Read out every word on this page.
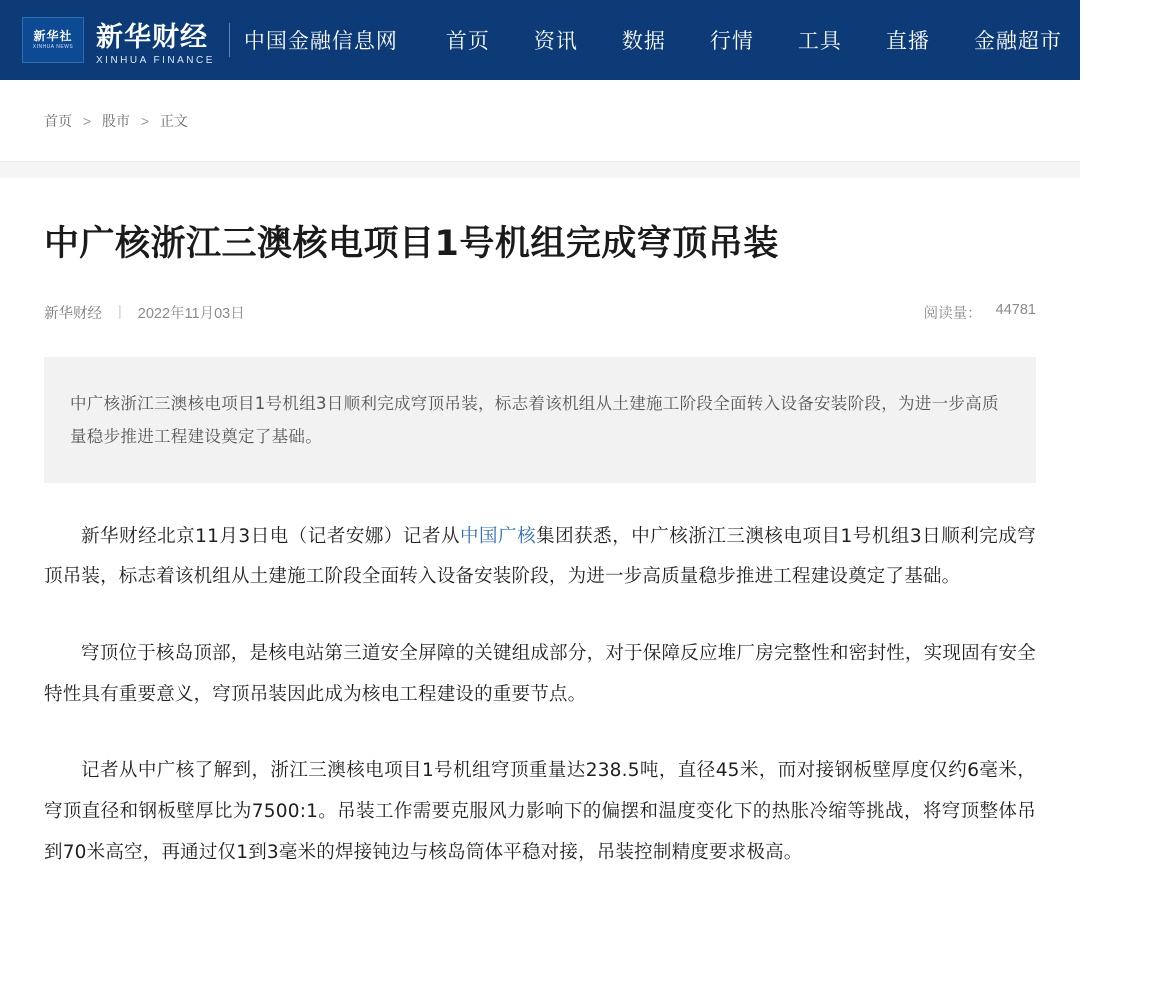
新华社
XINHUA NEWS 新华财经
XINHUA FINANCE
中国金融信息网	首页	资讯	数据	行情	工具	直播	金融超市	投教
首页 > 股市 > 正文
中广核浙江三澳核电项目1号机组完成穹顶吊装
新华财经 | 2022年11月03日	阅读量： 44781
中广核浙江三澳核电项目1号机组3日顺利完成穹顶吊装，标志着该机组从土建施工阶段全面转入设备安装阶段，为进一步高质量稳步推进工程建设奠定了基础。

新华财经北京11月3日电（记者安娜）记者从中国广核集团获悉，中广核浙江三澳核电项目1号机组3日顺利完成穹顶吊装，标志着该机组从土建施工阶段全面转入设备安装阶段，为进一步高质量稳步推进工程建设奠定了基础。

穹顶位于核岛顶部，是核电站第三道安全屏障的关键组成部分，对于保障反应堆厂房完整性和密封性，实现固有安全特性具有重要意义，穹顶吊装因此成为核电工程建设的重要节点。

记者从中广核了解到，浙江三澳核电项目1号机组穹顶重量达238.5吨，直径45米，而对接钢板壁厚度仅约6毫米，穹顶直径和钢板壁厚比为7500:1。吊装工作需要克服风力影响下的偏摆和温度变化下的热胀冷缩等挑战，将穹顶整体吊到70米高空，再通过仅1到3毫米的焊接钝边与核岛筒体平稳对接，吊装控制精度要求极高。
